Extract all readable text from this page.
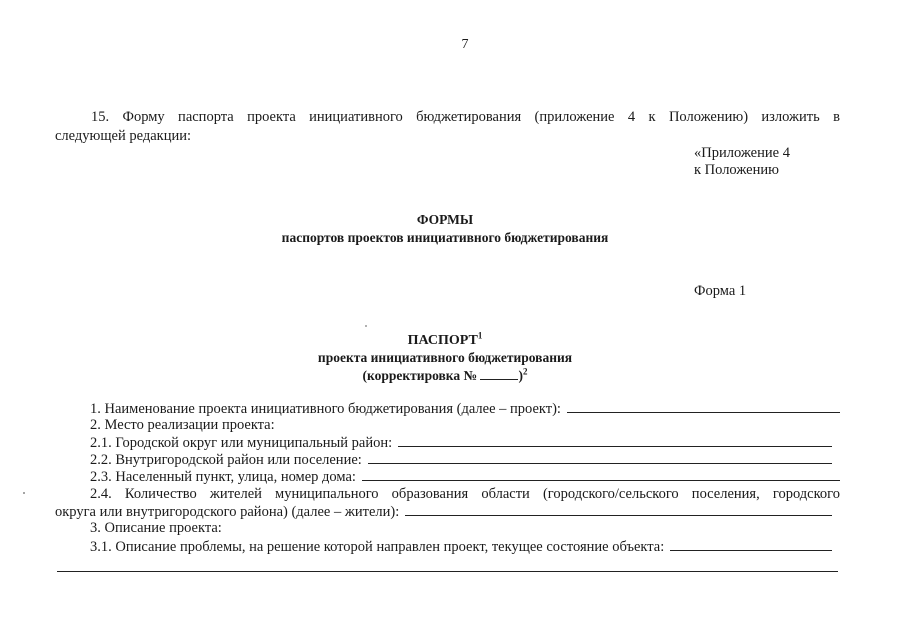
7
15. Форму паспорта проекта инициативного бюджетирования (приложение 4 к Положению) изложить в
следующей редакции:
«Приложение 4
к Положению
ФОРМЫ
паспортов проектов инициативного бюджетирования
Форма 1
ПАСПОРТ$^1$
проекта инициативного бюджетирования
(корректировка №	)$^2$
1. Наименование проекта инициативного бюджетирования (далее – проект):
2. Место реализации проекта:
2.1. Городской округ или муниципальный район:
2.2. Внутригородской район или поселение:
2.3. Населенный пункт, улица, номер дома:
2.4. Количество жителей муниципального образования области (городского/сельского поселения, городского
округа или внутригородского района) (далее – жители):
3. Описание проекта:
3.1. Описание проблемы, на решение которой направлен проект, текущее состояние объекта:
